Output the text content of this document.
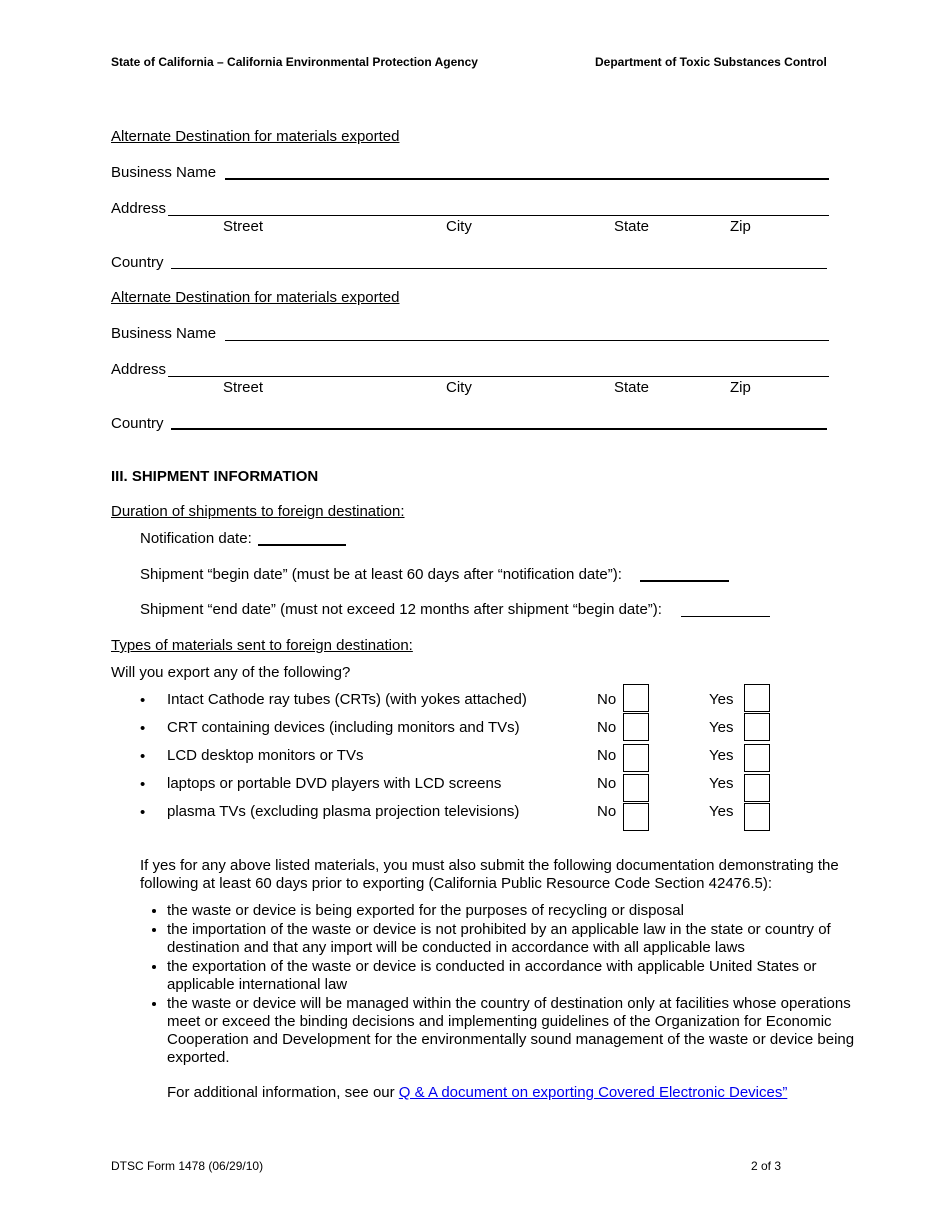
State of California – California Environmental Protection Agency	Department of Toxic Substances Control
Alternate Destination for materials exported
Business Name
Address
Street	City	State	Zip
Country
Alternate Destination for materials exported
Business Name
Address
Street	City	State	Zip
Country
III. SHIPMENT INFORMATION
Duration of shipments to foreign destination:
Notification date:
Shipment “begin date” (must be at least 60 days after “notification date”):
Shipment “end date” (must not exceed 12 months after shipment “begin date”):
Types of materials sent to foreign destination:
Will you export any of the following?
• Intact Cathode ray tubes (CRTs) (with yokes attached)	No	Yes
• CRT containing devices (including monitors and TVs)	No	Yes
• LCD desktop monitors or TVs	No	Yes
• laptops or portable DVD players with LCD screens	No	Yes
• plasma TVs (excluding plasma projection televisions)	No	Yes
If yes for any above listed materials, you must also submit the following documentation demonstrating the following at least 60 days prior to exporting (California Public Resource Code Section 42476.5):
• the waste or device is being exported for the purposes of recycling or disposal
• the importation of the waste or device is not prohibited by an applicable law in the state or country of destination and that any import will be conducted in accordance with all applicable laws
• the exportation of the waste or device is conducted in accordance with applicable United States or applicable international law
• the waste or device will be managed within the country of destination only at facilities whose operations meet or exceed the binding decisions and implementing guidelines of the Organization for Economic Cooperation and Development for the environmentally sound management of the waste or device being exported.
For additional information, see our Q & A document on exporting Covered Electronic Devices”
DTSC Form 1478 (06/29/10)	2 of 3
